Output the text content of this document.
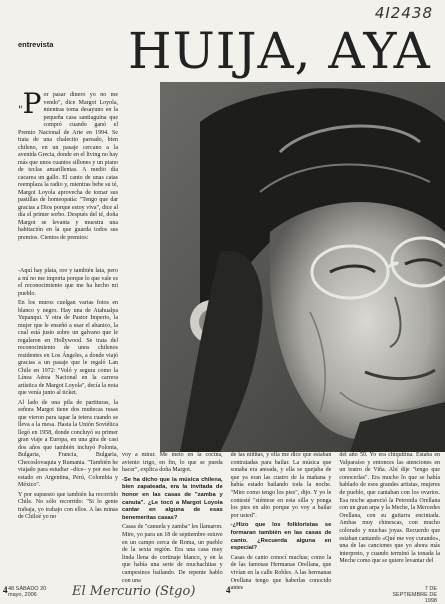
4I2438
entrevista HUIJA, AYA

"P or pasar dinero yo no me vendo", dice Margot Loyola, mientras toma desayuno en la pequeña casa santiaguina que compró cuando ganó el Premio Nacional de Arte en 1994. Se trata de una chalecito pareado, bien chileno, en un pasaje cercano a la avenida Grecia, donde en el living no hay más que unos cuantos sillones y un piano de teclas amarillentas. A medio día cacarea un gallo. El canto de unas catas reemplaza la radio y, mientras bebe su té, Margot Loyola aprovecha de tomar sus pastillas de homeopatía: "Tengo que dar gracias a Dios porque estoy viva", dice al día el primer sorbo. Después del té, doña Margot se levanta y muestra una habitación en la que guarda todos sus premios. Cientos de premios:

-Aquí hay plata, oro y también lata, pero a mí no me importa porque lo que vale es el reconocimiento que me ha hecho mi pueblo.

En los muros cuelgan varias fotos en blanco y negro. Hay una de Atahualpa Yupanqui. Y otra de Pastor Imperio, la mujer que le enseñó a usar el abanico, la cual está justo sobre un galvano que le regalaron en Hollywood. Se trata del reconocimiento de unos chilenos residentes en Los Ángeles, a donde viajó gracias a un pasaje que le regaló Lan Chile en 1972: "Voló y segura como la Línea Aérea Nacional en la carrera artística de Margot Loyola", decía la nota que venía junto al ticket.

Al lado de una pila de partituras, la señora Margot tiene dos muñecas rusas que vieron para tapar la tetera cuando se lleva a la mesa. Hasta la Unión Soviética llegó en 1958, donde concluyó su primer gran viaje a Europa, en una gira de casi dos años que también incluyó Polonia, Bulgaria, Francia, Bulgaria, Checoslovaquia y Rumania. "También he viajado para estudiar –dice– y por eso he estado en Argentina, Perú, Colombia y México".

Y por supuesto que también ha recorrido Chile. No sólo recorrido: "Si lo gente trabaja, yo trabajo con ellos. A las minas de Chiloé yo no

voy a mirar. Me meto en la cocina, aviento trigo, en fin, lo que se pueda hacer", explica doña Margot.

-Se ha dicho que la música chilena, bien zapateada, era la invitada de honor en las casas de "zamba y canuta". ¿Le tocó a Margot Loyola cantar en alguna de esas benemeritas casas?

Casas de "canuela y zamba" les llamaron. Mire, yo para un 18 de septiembre estuve en un campo cerca de Roma, un pueblo de la sexta región. Era una casa muy linda llena de cortinaje blanco, y en la que había una serie de muchachitas y campesinos bailando. De repente hablo con una

de las niñitas, y ella me dice que estaban contratadas para bailar. La música que sonaba era anoada, y ella se quejaba de que ya eran las cuatro de la mañana y había estado bailando toda la noche. "Mire como tengo los pies", dijo. Y yo le contesté "siéntese en esta silla y ponga los pies en alto porque yo voy a bailar por usted".

-¿Hizo que los folkloristas se formaran también en las casas de canto. ¿Recuerda alguna en especial?

Casas de canto conocí muchas; como la de las famosas Hermanas Orellana, que vivían en la calle Robles. A las hermanas Orellana tengo que haberlas conocido antes

del año 50. Yo era chiquitina. Estaba en Valparaíso y entonces las atenciones en un teatro de Viña. Ahí dije "tengo que conocerlas". Era mucho lo que se había hablado de esos grandes artistas, mujeres de pueblo, que cantaban con los ovarios. Esa noche apareció la Petronila Orellana con un gran arpa y la Meche, la Mercedes Orellana, con su guitarra encintada. Ambas muy chinescas, con mucho colorado y muchas joyas. Recuerdo que estaban cantando «Qué me voy curando», una de las canciones que yo ahora más interpreto, y cuando terminó la tonada la Meche como que se quiere levantar del

48 SÁBADO 20 mayo, 2006	El Mercurio (Stgo)	7 DE SEPTIEMBRE DE 1998
4	4
